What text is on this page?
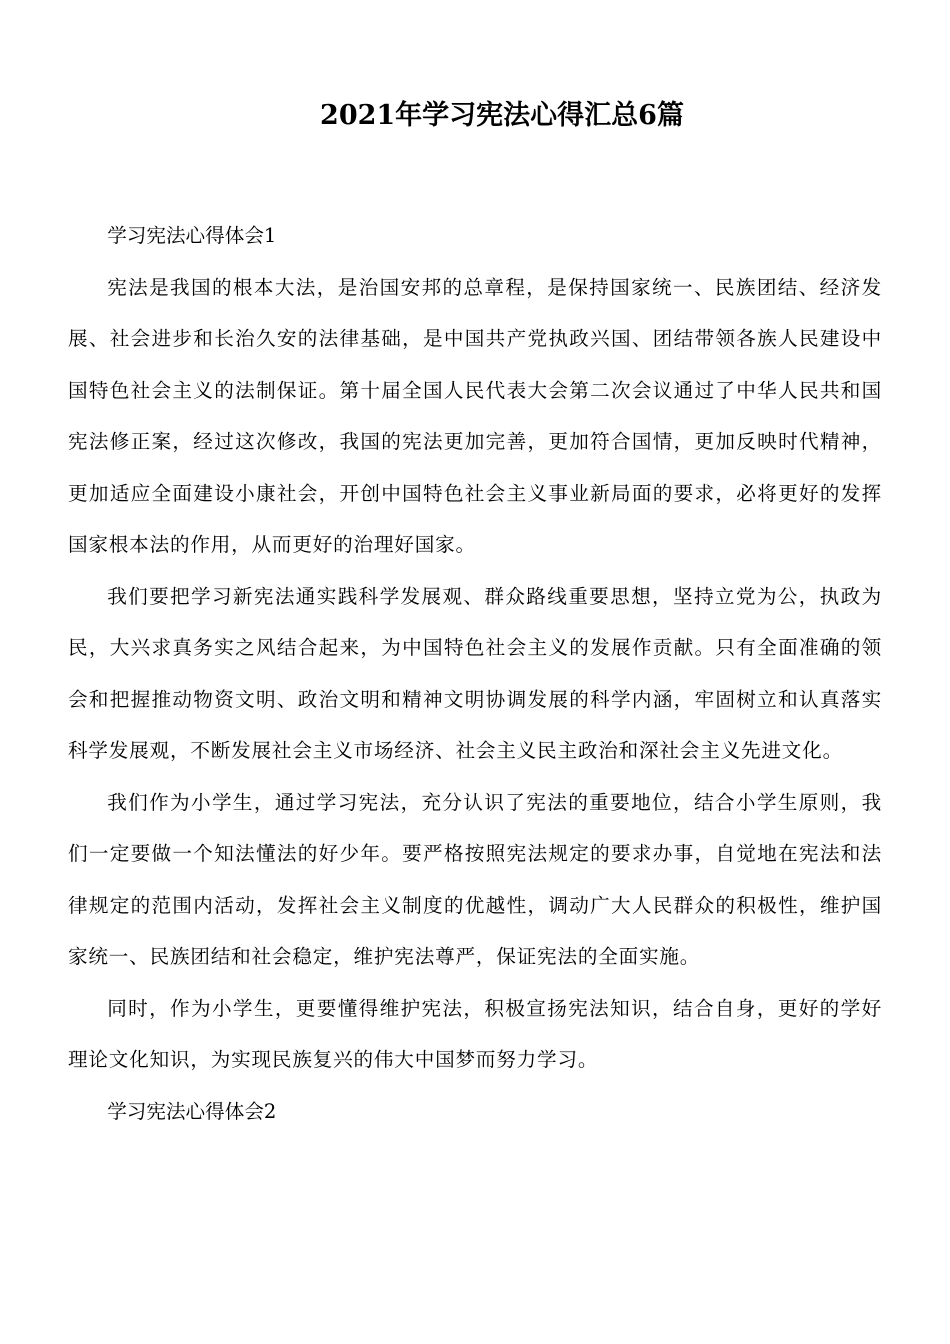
2021年学习宪法心得汇总6篇

学习宪法心得体会1

宪法是我国的根本大法，是治国安邦的总章程，是保持国家统一、民族团结、经济发展、社会进步和长治久安的法律基础，是中国共产党执政兴国、团结带领各族人民建设中国特色社会主义的法制保证。第十届全国人民代表大会第二次会议通过了中华人民共和国宪法修正案，经过这次修改，我国的宪法更加完善，更加符合国情，更加反映时代精神，更加适应全面建设小康社会，开创中国特色社会主义事业新局面的要求，必将更好的发挥国家根本法的作用，从而更好的治理好国家。

我们要把学习新宪法通实践科学发展观、群众路线重要思想，坚持立党为公，执政为民，大兴求真务实之风结合起来，为中国特色社会主义的发展作贡献。只有全面准确的领会和把握推动物资文明、政治文明和精神文明协调发展的科学内涵，牢固树立和认真落实科学发展观，不断发展社会主义市场经济、社会主义民主政治和深社会主义先进文化。

我们作为小学生，通过学习宪法，充分认识了宪法的重要地位，结合小学生原则，我们一定要做一个知法懂法的好少年。要严格按照宪法规定的要求办事，自觉地在宪法和法律规定的范围内活动，发挥社会主义制度的优越性，调动广大人民群众的积极性，维护国家统一、民族团结和社会稳定，维护宪法尊严，保证宪法的全面实施。

同时，作为小学生，更要懂得维护宪法，积极宣扬宪法知识，结合自身，更好的学好理论文化知识，为实现民族复兴的伟大中国梦而努力学习。

学习宪法心得体会2
